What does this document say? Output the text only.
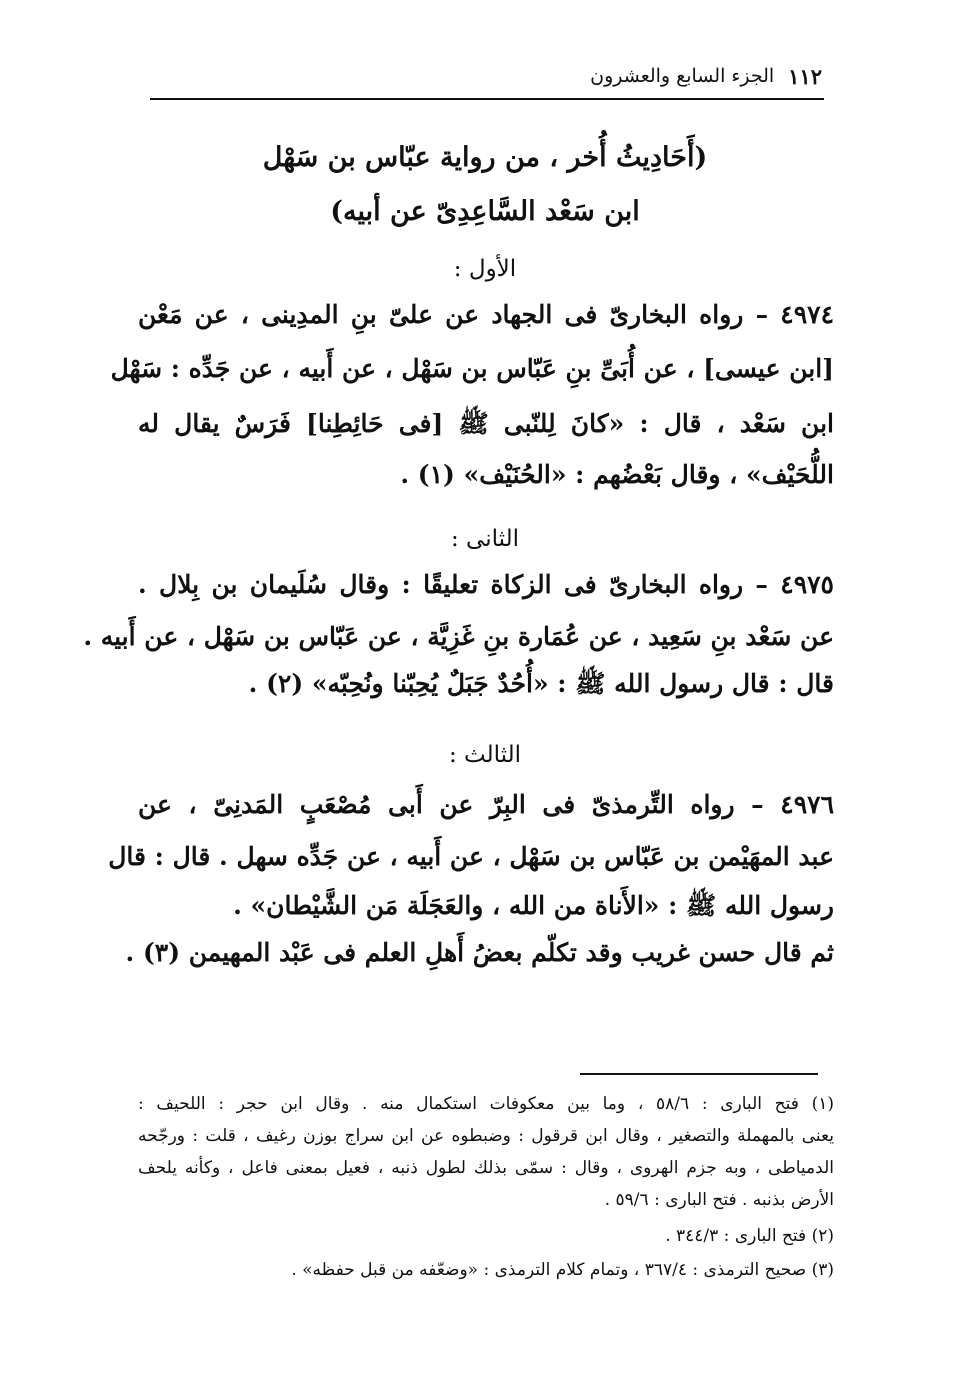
١١٢
الجزء السابع والعشرون
(أَحَادِيثُ أُخر ، من رواية عبّاس بن سَهْل
ابن سَعْد السَّاعِدِىّ عن أبيه)
الأول :
٤٩٧٤ – رواه البخارىّ فى الجهاد عن علىّ بنِ المدِينى ، عن مَعْن
[ابن عيسى] ، عن أُبَىِّ بنِ عَبّاس بن سَهْل ، عن أَبيه ، عن جَدِّه : سَهْل
ابن سَعْد ، قال : «كانَ لِلنّبى ﷺ [فى حَائِطِنا] فَرَسٌ يقال له
اللُّحَيْف» ، وقال بَعْضُهم : «الحُنَيْف» (١) .
الثانى :
٤٩٧٥ – رواه البخارىّ فى الزكاة تعليقًا : وقال سُلَيمان بن بِلال .
عن سَعْد بنِ سَعِيد ، عن عُمَارة بنِ غَزِيَّة ، عن عَبّاس بن سَهْل ، عن أَبيه .
قال : قال رسول الله ﷺ : «أُحُدٌ جَبَلٌ يُحِبّنا ونُحِبّه» (٢) .
الثالث :
٤٩٧٦ – رواه التِّرمذىّ فى البِرّ عن أَبى مُصْعَبٍ المَدنِىّ ، عن
عبد المهَيْمن بن عَبّاس بن سَهْل ، عن أَبيه ، عن جَدِّه سهل . قال : قال
رسول الله ﷺ : «الأَناة من الله ، والعَجَلَة مَن الشَّيْطان» .
ثم قال حسن غريب وقد تكلّم بعضُ أَهلِ العلم فى عَبْد المهيمن (٣) .
(١) فتح البارى : ٥٨/٦ ، وما بين معكوفات استكمال منه . وقال ابن حجر : اللحيف :
يعنى بالمهملة والتصغير ، وقال ابن قرقول : وضبطوه عن ابن سراج بوزن رغيف ، قلت : ورجّحه
الدمياطى ، وبه جزم الهروى ، وقال : سمّى بذلك لطول ذنبه ، فعيل بمعنى فاعل ، وكأنه يلحف
الأرض بذنبه . فتح البارى : ٥٩/٦ .
(٢) فتح البارى : ٣٤٤/٣ .
(٣) صحيح الترمذى : ٣٦٧/٤ ، وتمام كلام الترمذى : «وضعّفه من قبل حفظه» .
